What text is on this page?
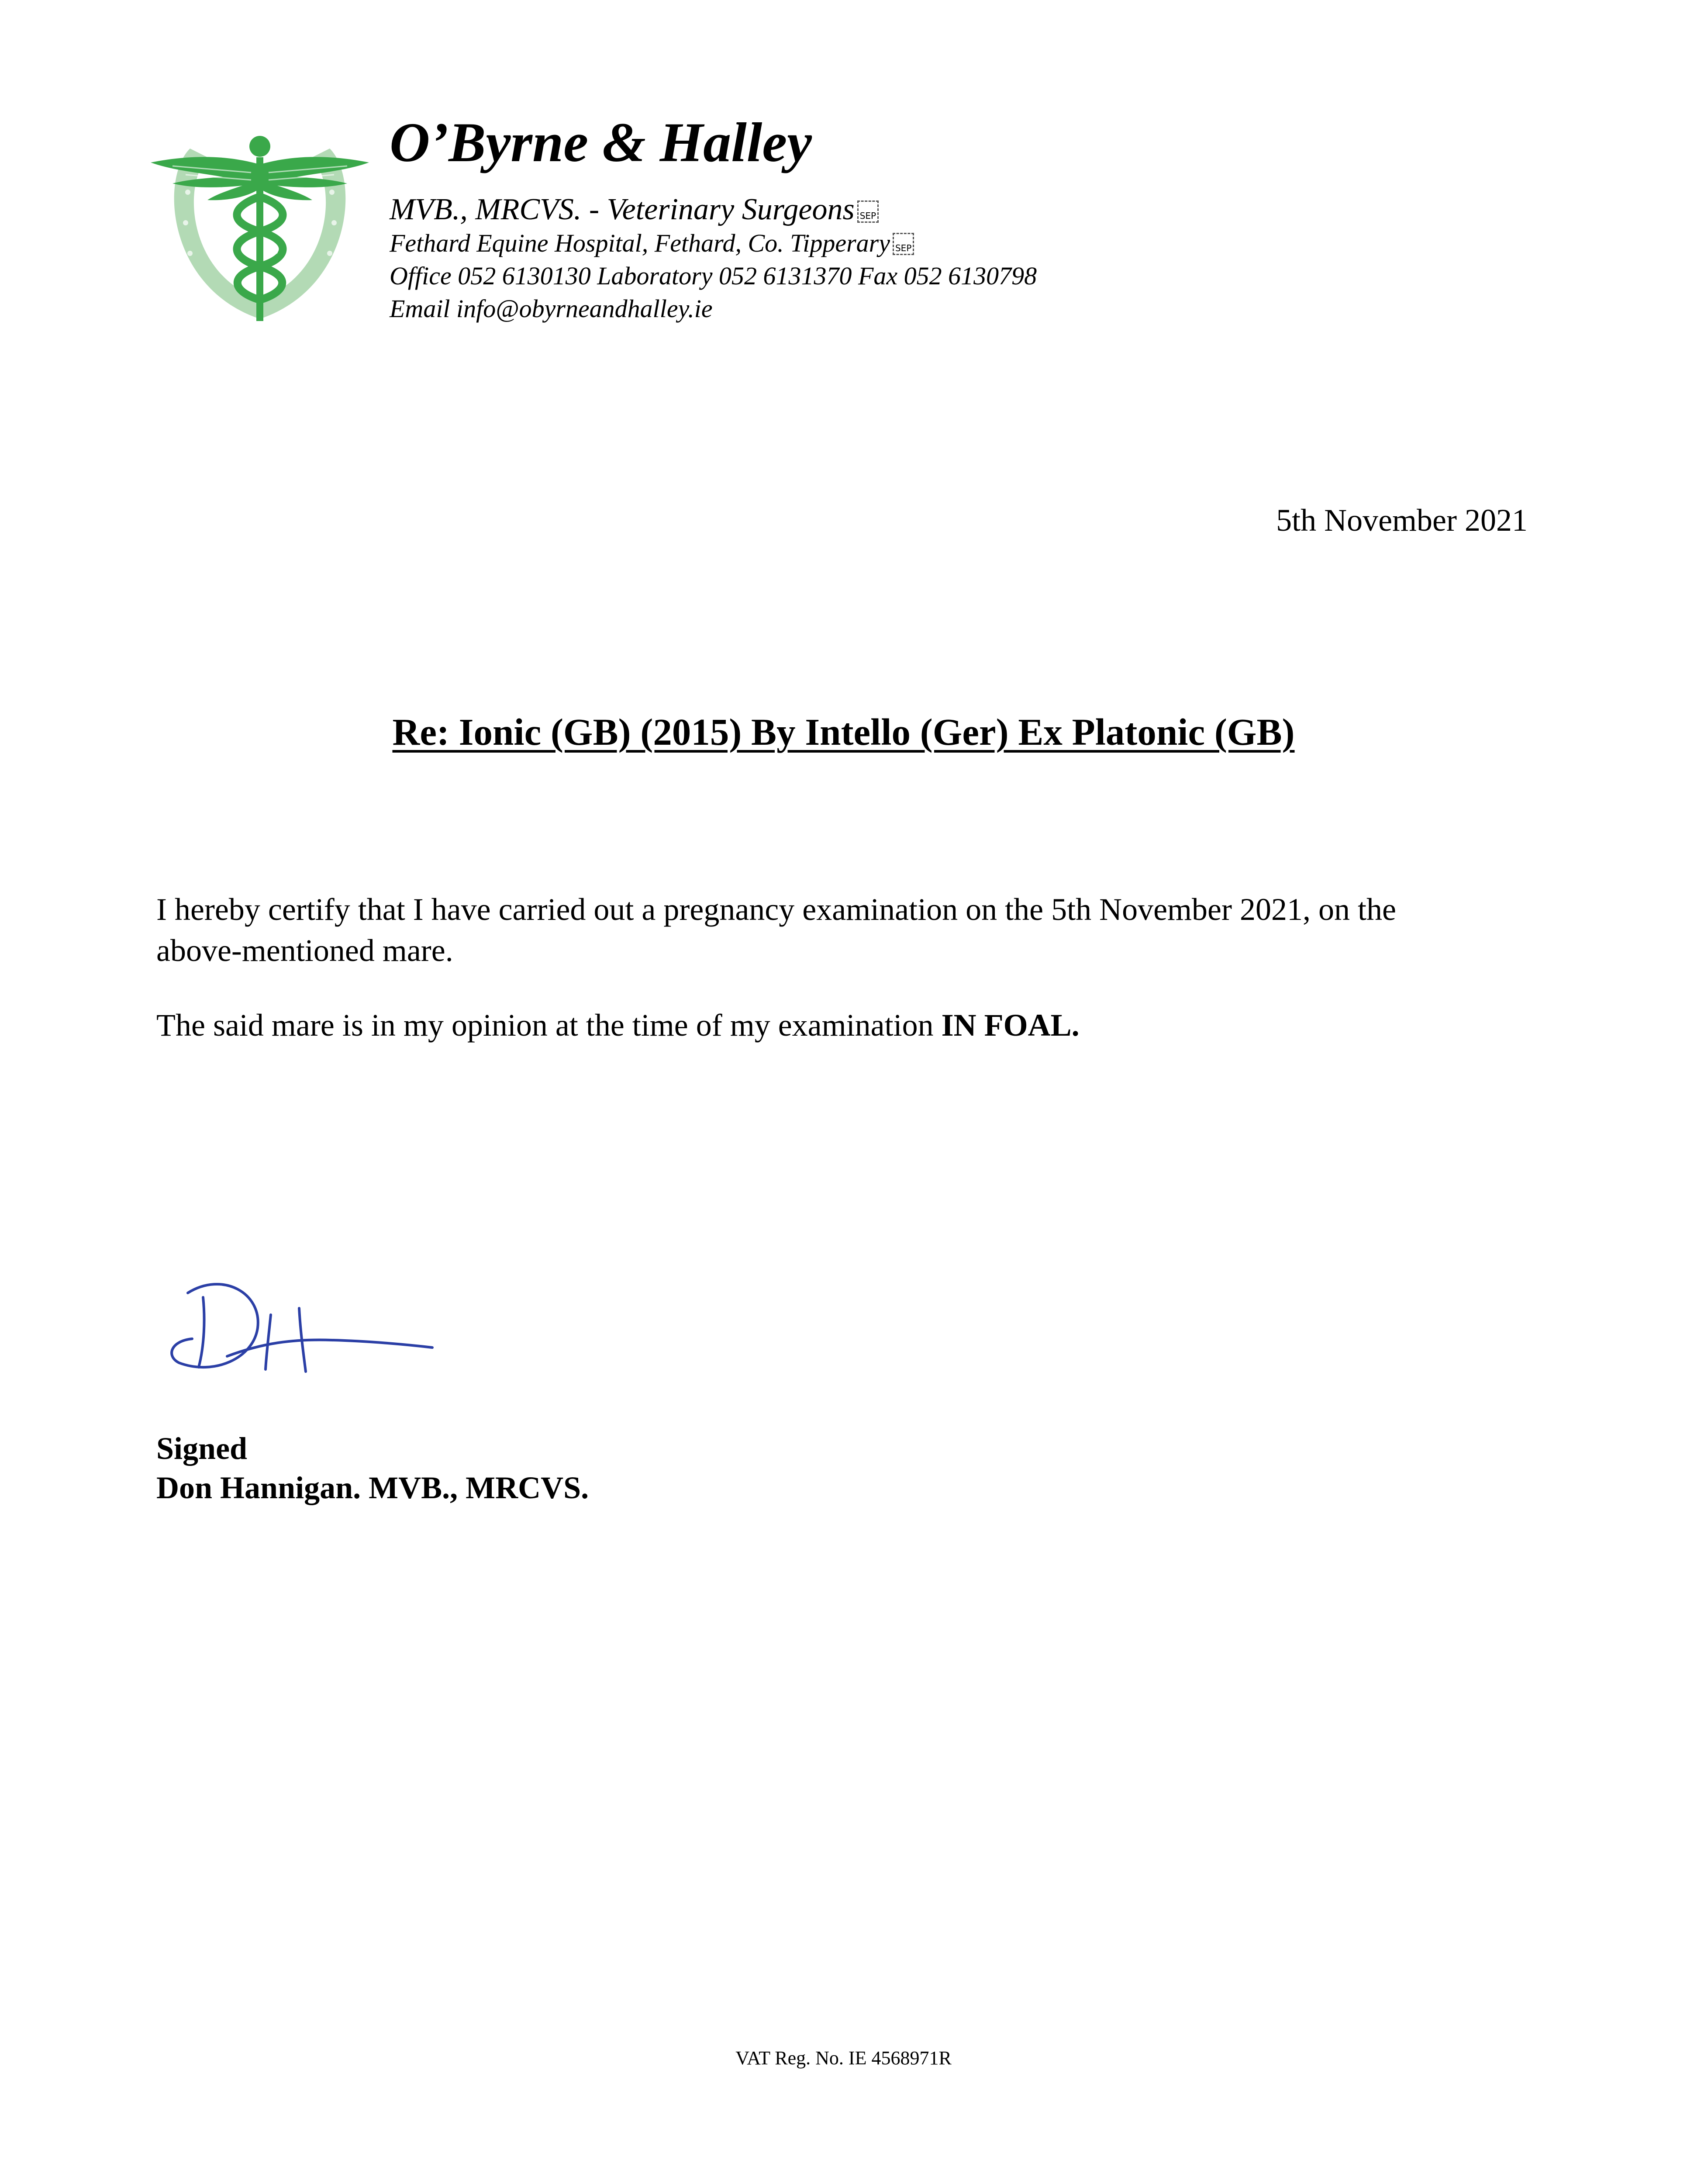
O’Byrne & Halley
MVB., MRCVS. - Veterinary Surgeons SEP
Fethard Equine Hospital, Fethard, Co. Tipperary SEP
Office 052 6130130 Laboratory 052 6131370 Fax 052 6130798
Email info@obyrneandhalley.ie
5th November 2021
Re: Ionic (GB) (2015) By Intello (Ger) Ex Platonic (GB)
I hereby certify that I have carried out a pregnancy examination on the 5th November 2021, on the
above-mentioned mare.
The said mare is in my opinion at the time of my examination IN FOAL.
Signed
Don Hannigan. MVB., MRCVS.
VAT Reg. No. IE 4568971R
